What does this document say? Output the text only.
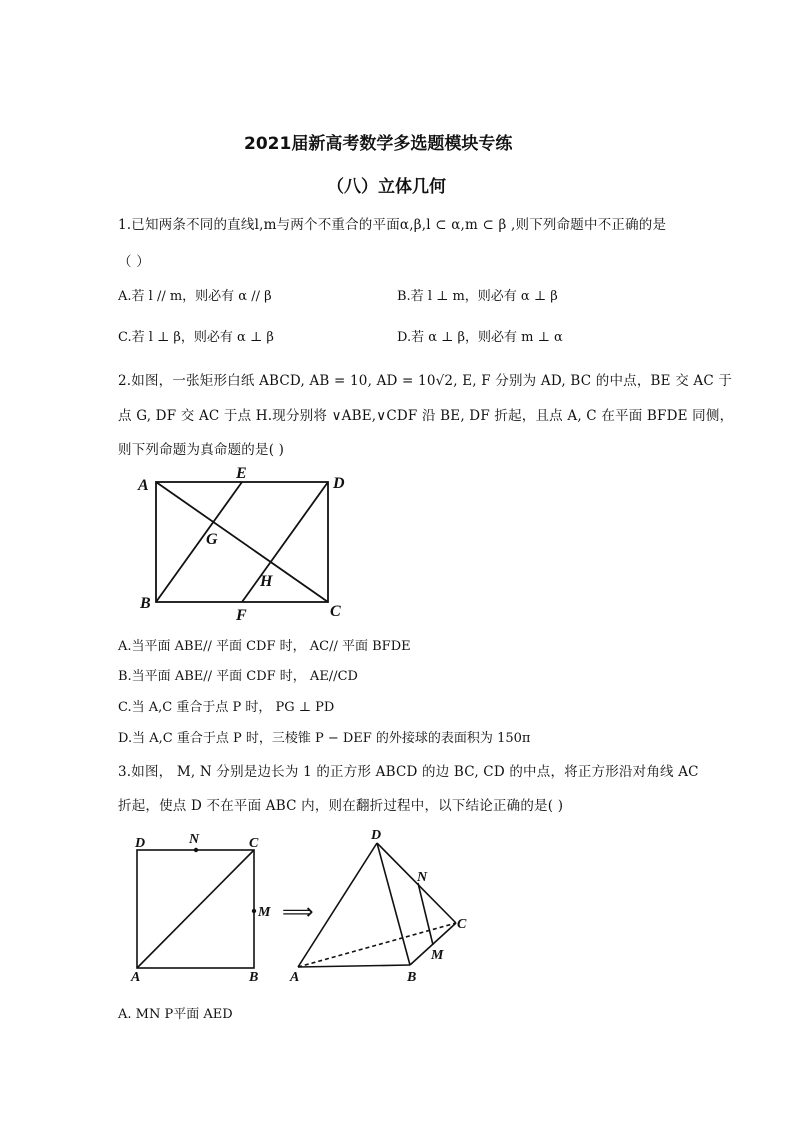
2021届新高考数学多选题模块专练
（八）立体几何
1.已知两条不同的直线l,m与两个不重合的平面α,β,l ⊂ α,m ⊂ β ,则下列命题中不正确的是
（ ）
A.若 l // m，则必有 α // β	B.若 l ⊥ m，则必有 α ⊥ β
C.若 l ⊥ β，则必有 α ⊥ β	D.若 α ⊥ β，则必有 m ⊥ α
2.如图，一张矩形白纸 ABCD, AB = 10, AD = 10√2, E, F 分别为 AD, BC 的中点，BE 交 AC 于
点 G, DF 交 AC 于点 H.现分别将 ∨ABE,∨CDF 沿 BE, DF 折起，且点 A, C 在平面 BFDE 同侧，
则下列命题为真命题的是( )
A
E
D
G
H
B
F	C
A.当平面 ABE// 平面 CDF 时， AC// 平面 BFDE
B.当平面 ABE// 平面 CDF 时， AE//CD
C.当 A,C 重合于点 P 时， PG ⊥ PD
D.当 A,C 重合于点 P 时，三棱锥 P − DEF 的外接球的表面积为 150π
3.如图， M, N 分别是边长为 1 的正方形 ABCD 的边 BC, CD 的中点，将正方形沿对角线 AC
折起，使点 D 不在平面 ABC 内，则在翻折过程中，以下结论正确的是( )
D	N	C
M
A	B
⟹
D
N
C
M
A	B
A. MN P平面 AED
